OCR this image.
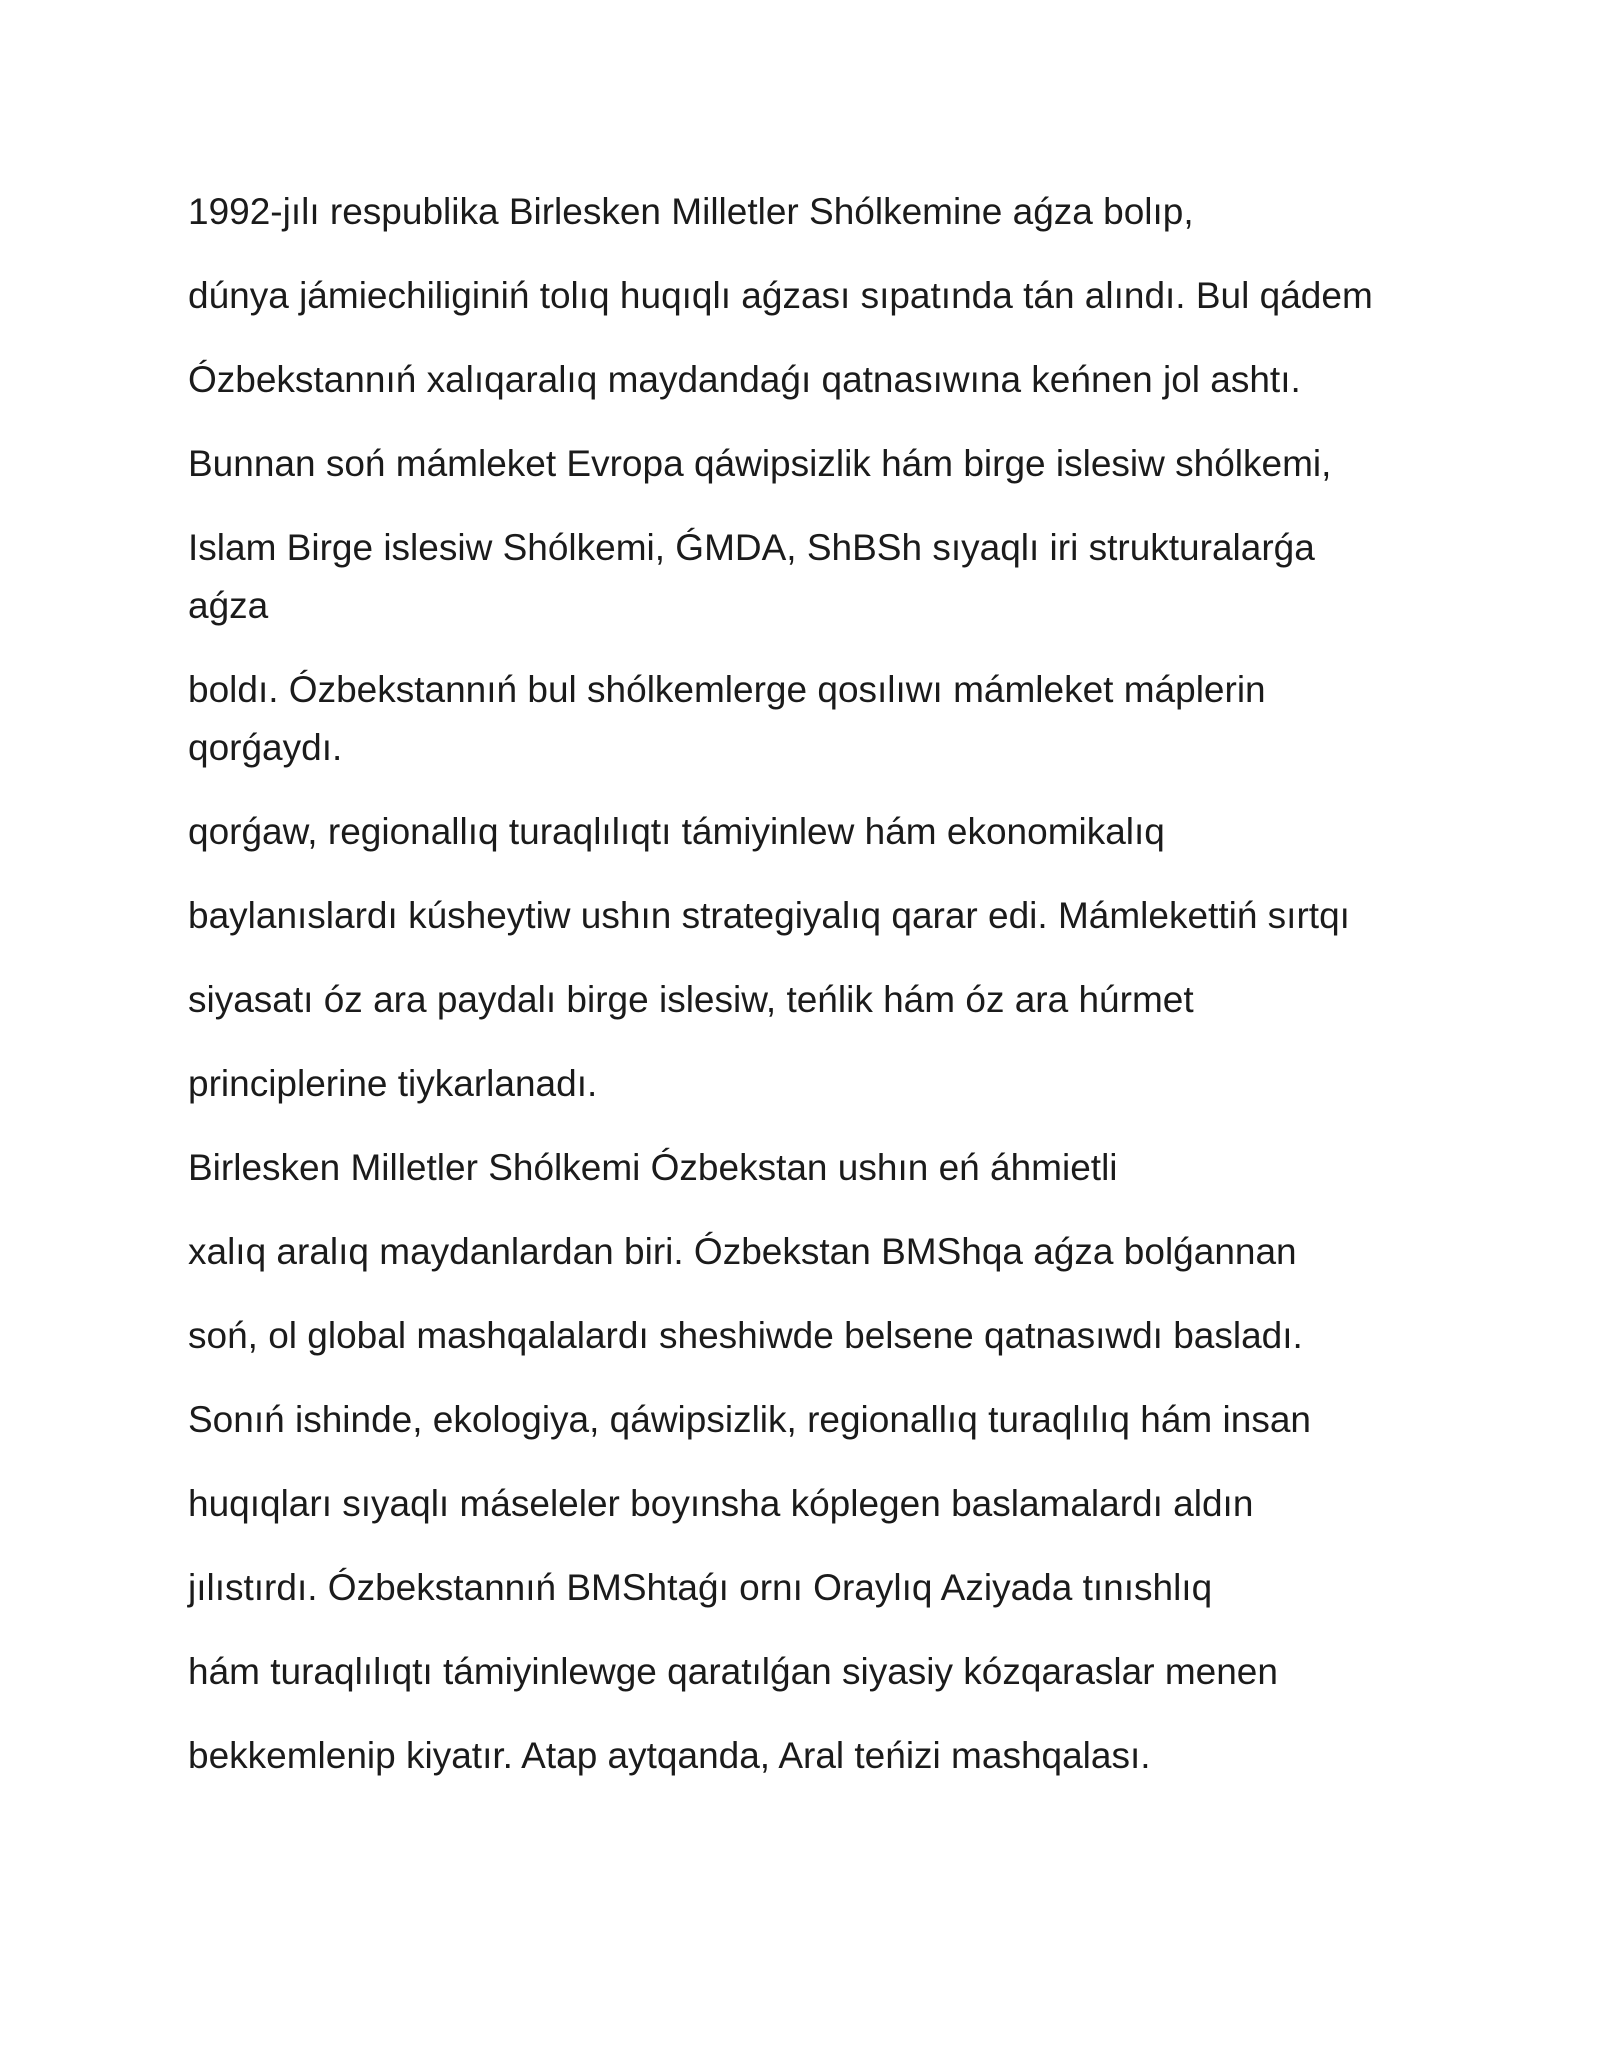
1992-jılı respublika Birlesken Milletler Shólkemine aǵza bolıp,

dúnya jámiechiliginiń tolıq huqıqlı aǵzası sıpatında tán alındı. Bul qádem

Ózbekstannıń xalıqaralıq maydandaǵı qatnasıwına keńnen jol ashtı.

Bunnan soń mámleket Evropa qáwipsizlik hám birge islesiw shólkemi,

Islam Birge islesiw Shólkemi, ǴMDA, ShBSh sıyaqlı iri strukturalarǵa

aǵza

boldı. Ózbekstannıń bul shólkemlerge qosılıwı mámleket máplerin

qorǵaydı.

qorǵaw, regionallıq turaqlılıqtı támiyinlew hám ekonomikalıq

baylanıslardı kúsheytiw ushın strategiyalıq qarar edi. Mámlekettiń sırtqı

siyasatı óz ara paydalı birge islesiw, teńlik hám óz ara húrmet

principlerine tiykarlanadı.

Birlesken Milletler Shólkemi Ózbekstan ushın eń áhmietli

xalıq aralıq maydanlardan biri. Ózbekstan BMShqa aǵza bolǵannan

soń, ol global mashqalalardı sheshiwde belsene qatnasıwdı basladı.

Sonıń ishinde, ekologiya, qáwipsizlik, regionallıq turaqlılıq hám insan

huqıqları sıyaqlı máseleler boyınsha kóplegen baslamalardı aldın

jılıstırdı. Ózbekstannıń BMShtaǵı ornı Oraylıq Aziyada tınıshlıq

hám turaqlılıqtı támiyinlewge qaratılǵan siyasiy kózqaraslar menen

bekkemlenip kiyatır. Atap aytqanda, Aral teńizi mashqalası.
